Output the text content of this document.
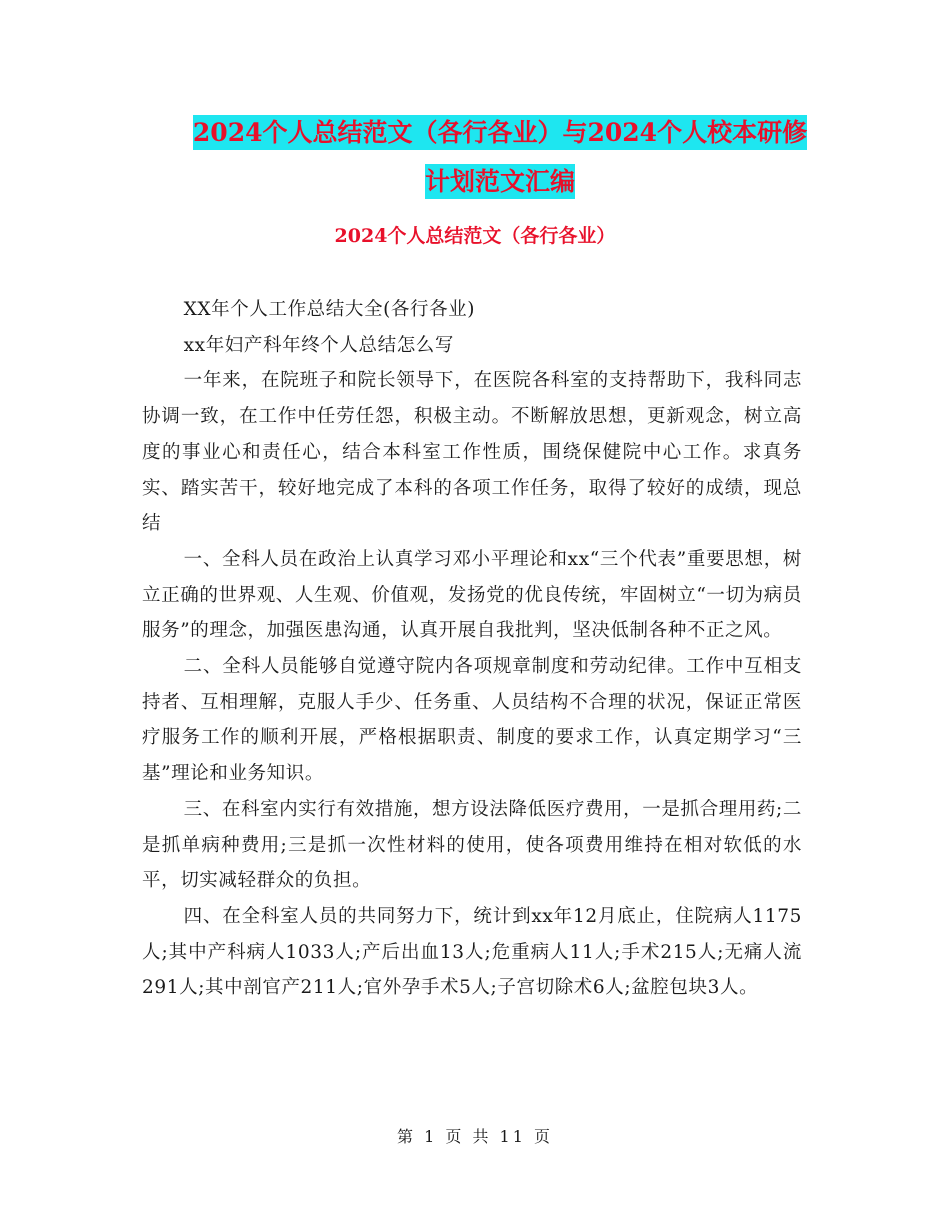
2024个人总结范文（各行各业）与2024个人校本研修
计划范文汇编
2024个人总结范文（各行各业）

XX年个人工作总结大全(各行各业)

xx年妇产科年终个人总结怎么写

一年来，在院班子和院长领导下，在医院各科室的支持帮助下，我科同志协调一致，在工作中任劳任怨，积极主动。不断解放思想，更新观念，树立高度的事业心和责任心，结合本科室工作性质，围绕保健院中心工作。求真务实、踏实苦干，较好地完成了本科的各项工作任务，取得了较好的成绩，现总结

一、全科人员在政治上认真学习邓小平理论和xx“三个代表”重要思想，树立正确的世界观、人生观、价值观，发扬党的优良传统，牢固树立“一切为病员服务”的理念，加强医患沟通，认真开展自我批判，坚决低制各种不正之风。

二、全科人员能够自觉遵守院内各项规章制度和劳动纪律。工作中互相支持者、互相理解，克服人手少、任务重、人员结构不合理的状况，保证正常医疗服务工作的顺利开展，严格根据职责、制度的要求工作，认真定期学习“三基”理论和业务知识。

三、在科室内实行有效措施，想方设法降低医疗费用，一是抓合理用药;二是抓单病种费用;三是抓一次性材料的使用，使各项费用维持在相对软低的水平，切实减轻群众的负担。

四、在全科室人员的共同努力下，统计到xx年12月底止，住院病人1175人;其中产科病人1033人;产后出血13人;危重病人11人;手术215人;无痛人流291人;其中剖官产211人;官外孕手术5人;子宫切除术6人;盆腔包块3人。

第 1 页 共 11 页
